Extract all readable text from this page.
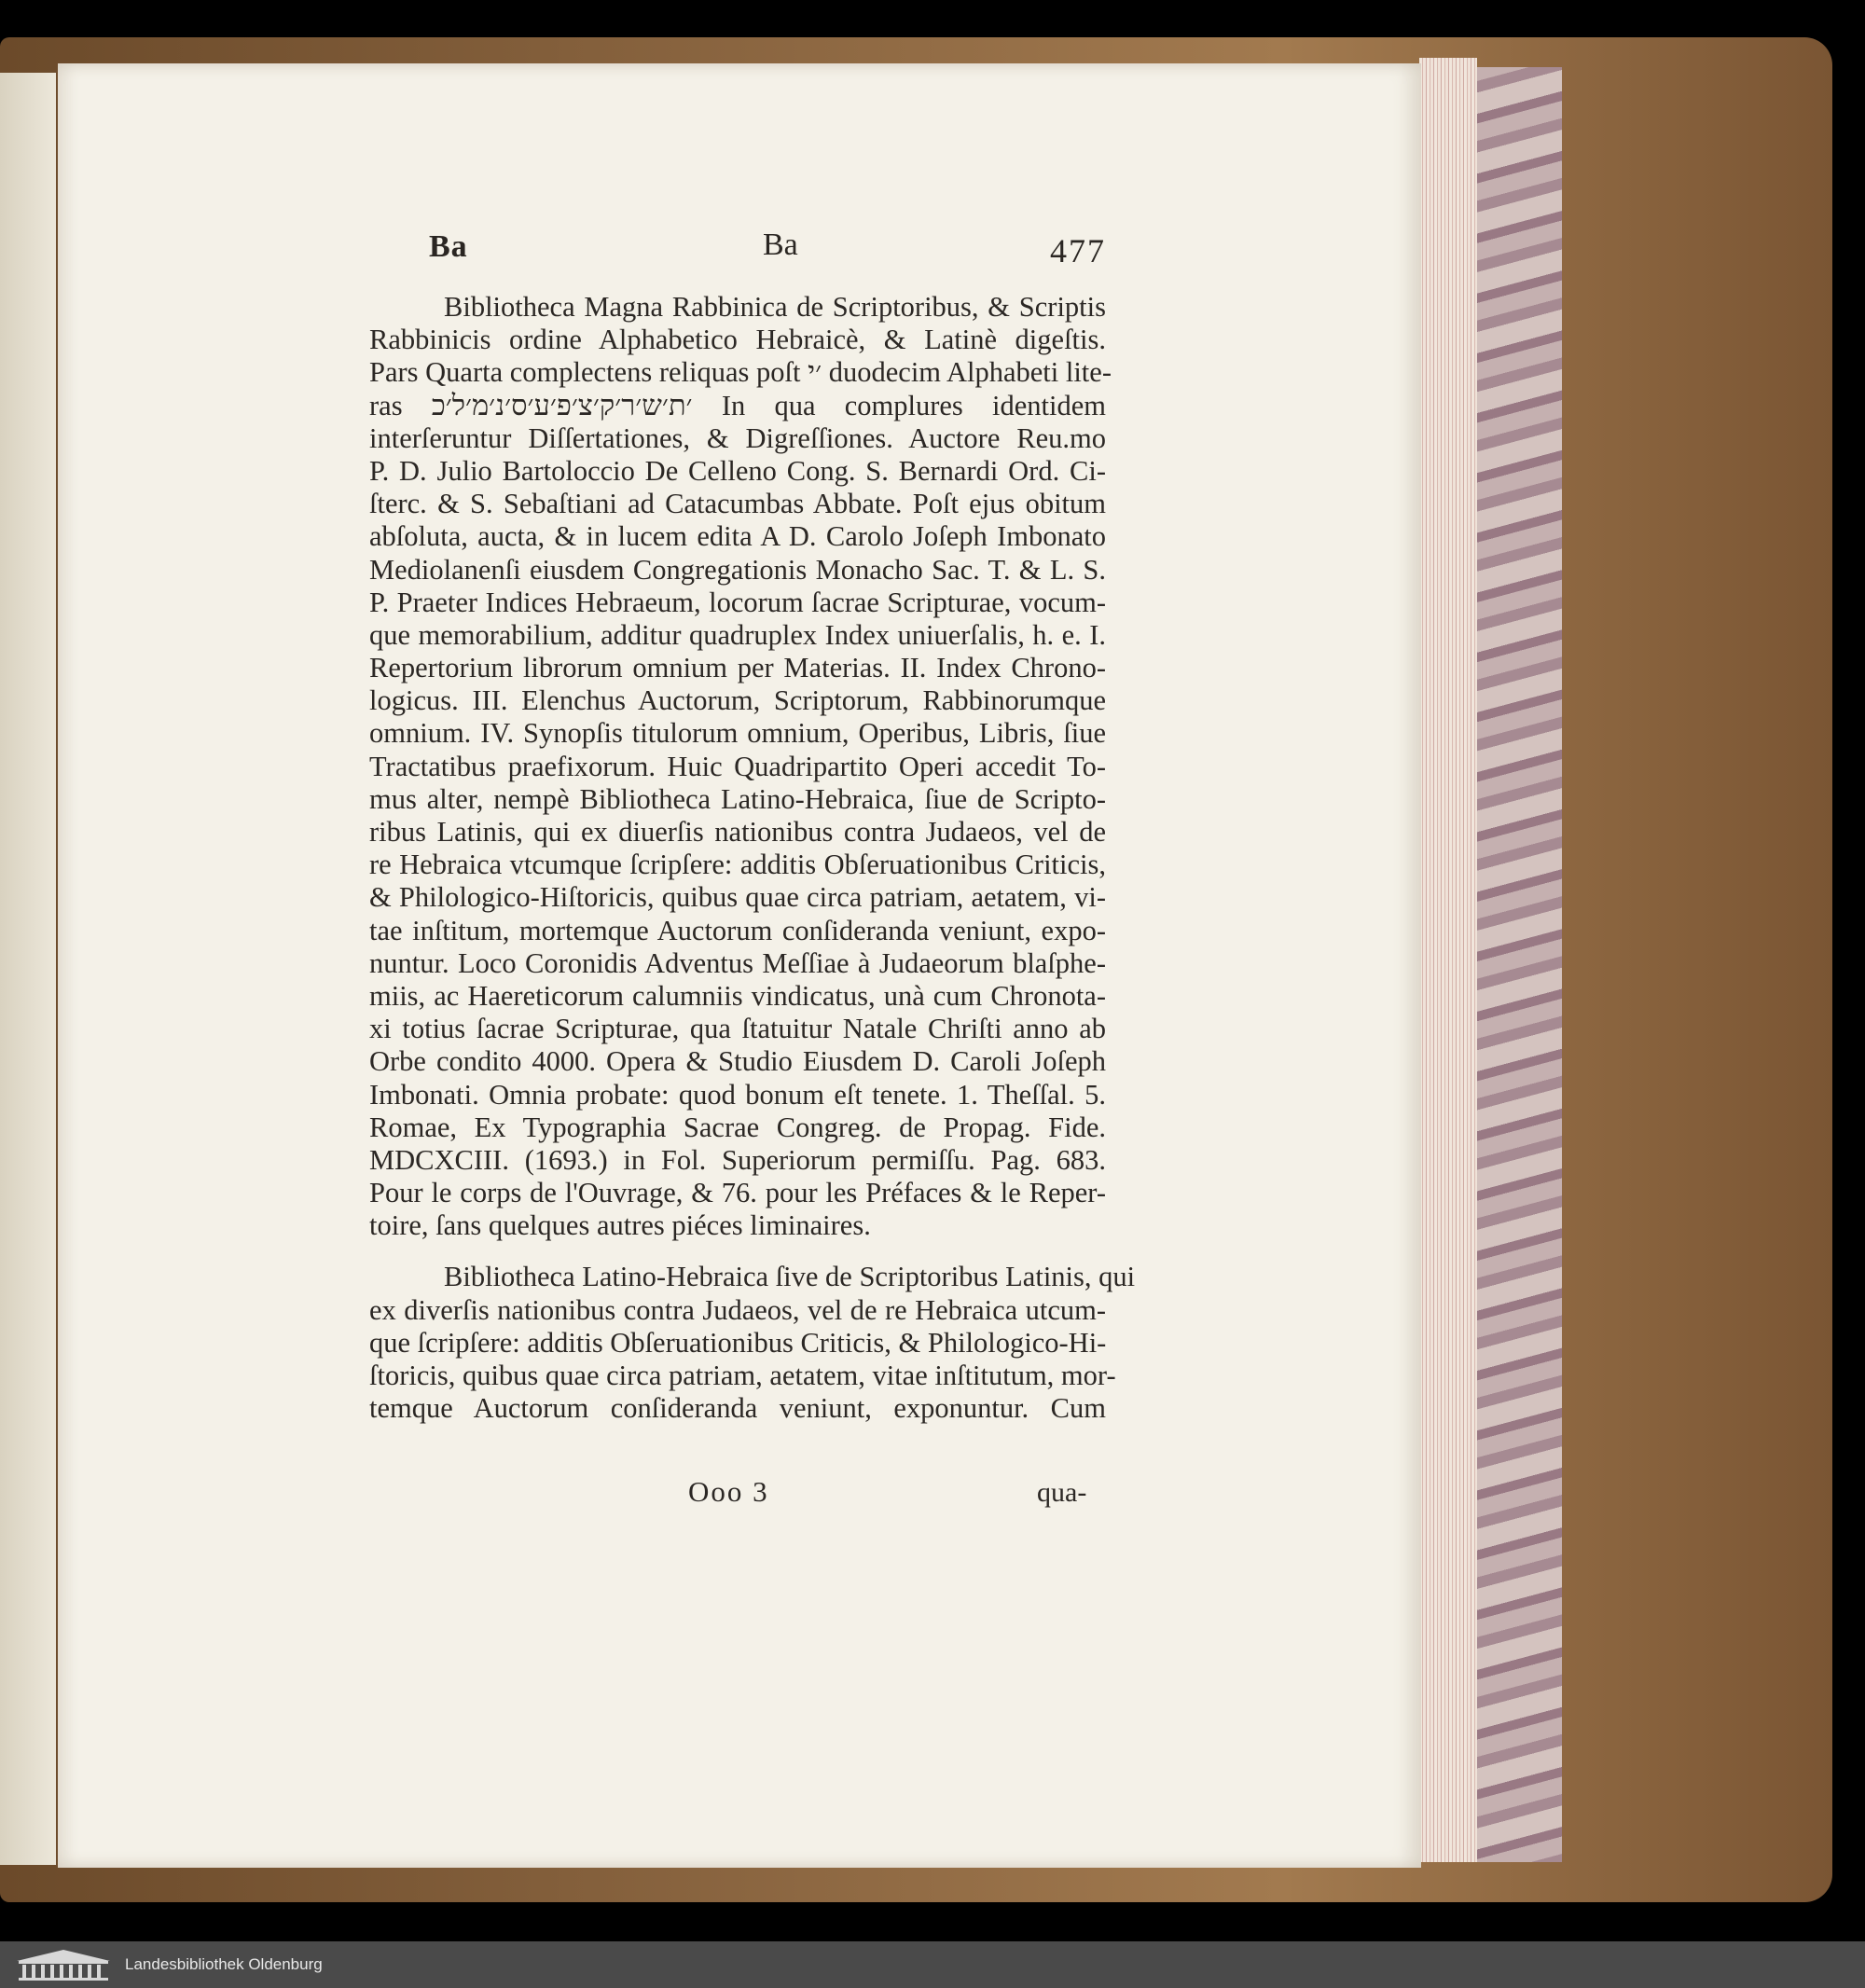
Ba	Ba	477
Bibliotheca Magna Rabbinica de Scriptoribus, & Scriptis
Rabbinicis ordine Alphabetico Hebraicè, & Latinè digeſtis.
Pars Quarta complectens reliquas poſt ׳י duodecim Alphabeti lite-
ras ׳ת׳ש׳ר׳ק׳צ׳פ׳ע׳ס׳נ׳מ׳ל׳כ In qua complures identidem
interſeruntur Diſſertationes, & Digreſſiones. Auctore Reu.mo
P. D. Julio Bartoloccio De Celleno Cong. S. Bernardi Ord. Ci-
ſterc. & S. Sebaſtiani ad Catacumbas Abbate. Poſt ejus obitum
abſoluta, aucta, & in lucem edita A D. Carolo Joſeph Imbonato
Mediolanenſi eiusdem Congregationis Monacho Sac. T. & L. S.
P. Praeter Indices Hebraeum, locorum ſacrae Scripturae, vocum-
que memorabilium, additur quadruplex Index uniuerſalis, h. e. I.
Repertorium librorum omnium per Materias. II. Index Chrono-
logicus. III. Elenchus Auctorum, Scriptorum, Rabbinorumque
omnium. IV. Synopſis titulorum omnium, Operibus, Libris, ſiue
Tractatibus praefixorum. Huic Quadripartito Operi accedit To-
mus alter, nempè Bibliotheca Latino-Hebraica, ſiue de Scripto-
ribus Latinis, qui ex diuerſis nationibus contra Judaeos, vel de
re Hebraica vtcumque ſcripſere: additis Obſeruationibus Criticis,
& Philologico-Hiſtoricis, quibus quae circa patriam, aetatem, vi-
tae inſtitum, mortemque Auctorum conſideranda veniunt, expo-
nuntur. Loco Coronidis Adventus Meſſiae à Judaeorum blaſphe-
miis, ac Haereticorum calumniis vindicatus, unà cum Chronota-
xi totius ſacrae Scripturae, qua ſtatuitur Natale Chriſti anno ab
Orbe condito 4000. Opera & Studio Eiusdem D. Caroli Joſeph
Imbonati. Omnia probate: quod bonum eſt tenete. 1. Theſſal. 5.
Romae, Ex Typographia Sacrae Congreg. de Propag. Fide.
MDCXCIII. (1693.) in Fol. Superiorum permiſſu. Pag. 683.
Pour le corps de l'Ouvrage, & 76. pour les Préfaces & le Reper-
toire, ſans quelques autres piéces liminaires.
Bibliotheca Latino-Hebraica ſive de Scriptoribus Latinis, qui
ex diverſis nationibus contra Judaeos, vel de re Hebraica utcum-
que ſcripſere: additis Obſeruationibus Criticis, & Philologico-Hi-
ſtoricis, quibus quae circa patriam, aetatem, vitae inſtitutum, mor-
temque Auctorum conſideranda veniunt, exponuntur. Cum
Ooo 3	qua-
Landesbibliothek Oldenburg
